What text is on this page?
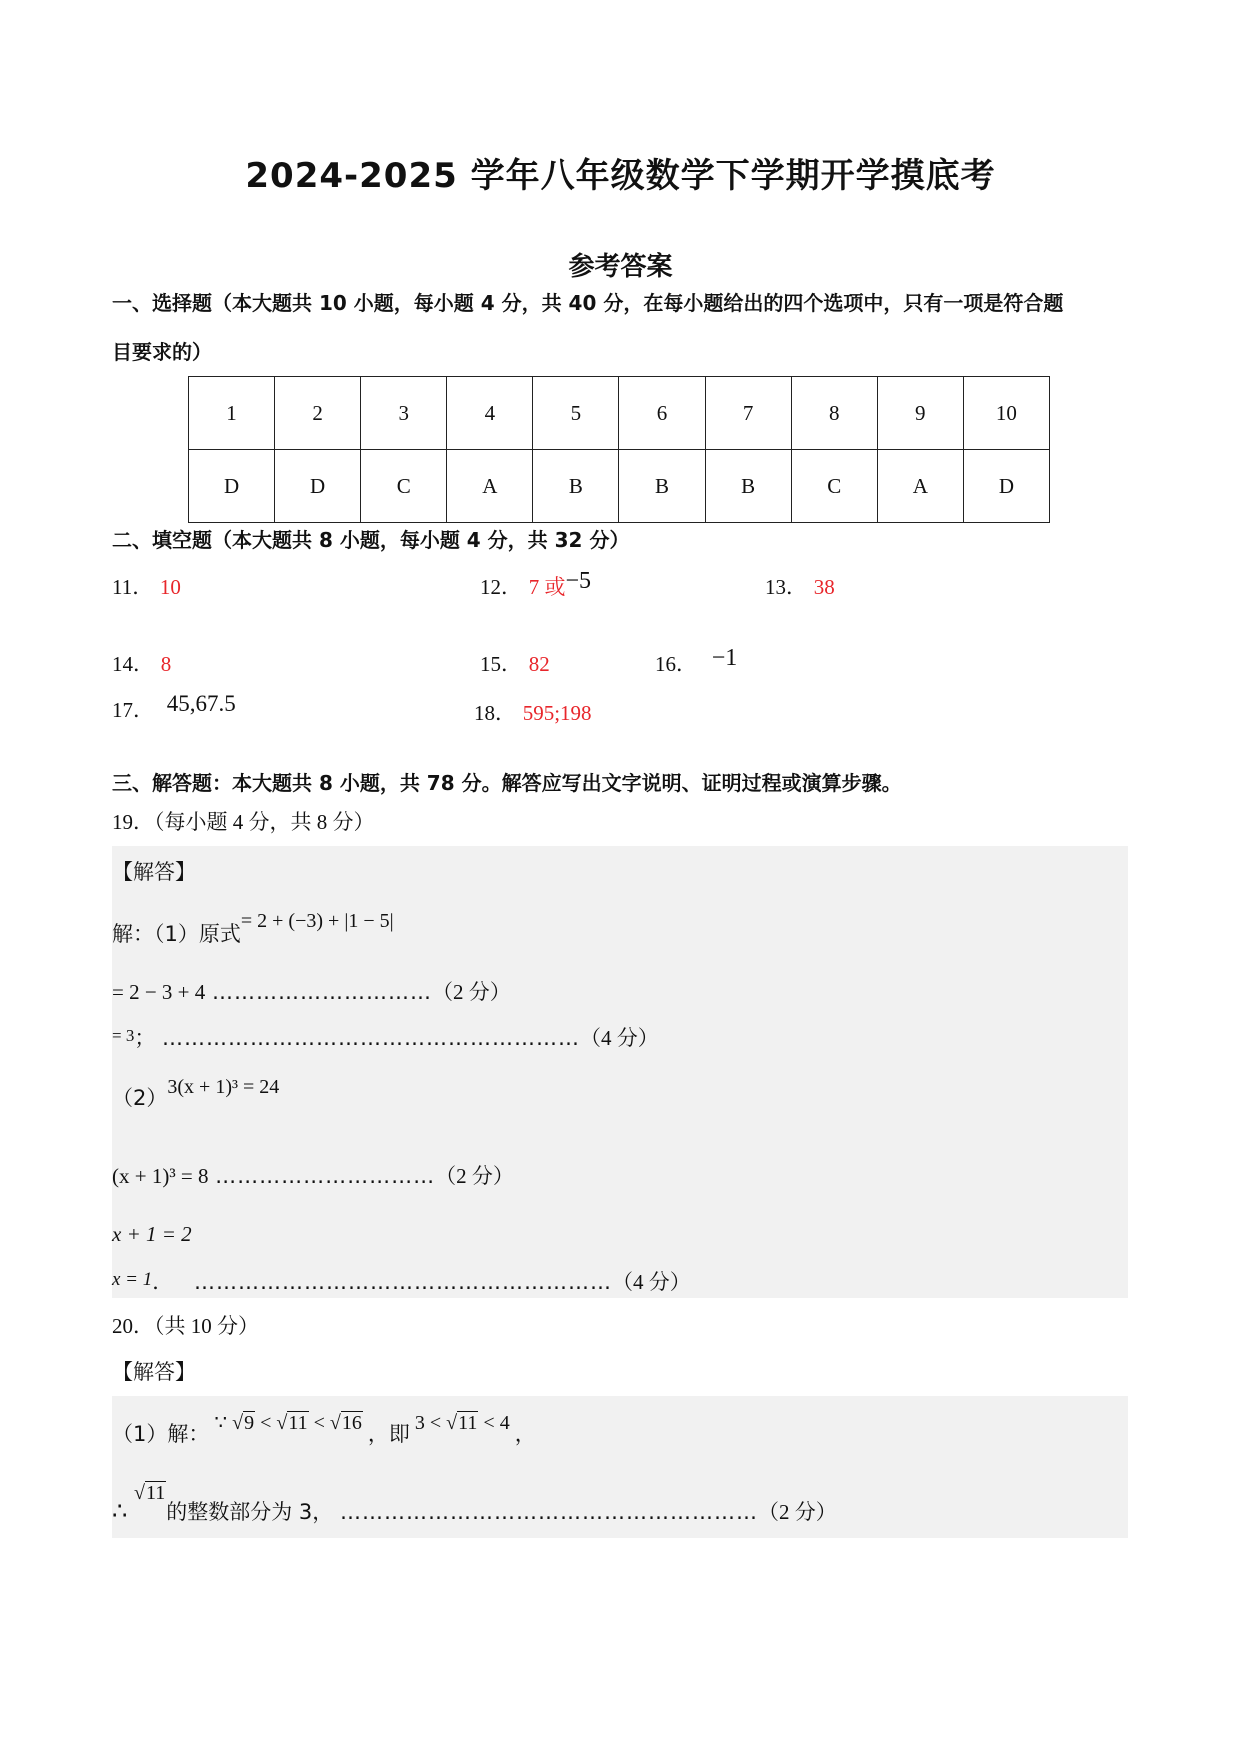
2024-2025 学年八年级数学下学期开学摸底考
参考答案
一、选择题（本大题共 10 小题，每小题 4 分，共 40 分，在每小题给出的四个选项中，只有一项是符合题
目要求的）
1	2	3	4	5	6	7	8	9	10
D	D	C	A	B	B	B	C	A	D
二、填空题（本大题共 8 小题，每小题 4 分，共 32 分）
11． 10	12． 7 或−5	13． 38
14． 8	15． 82	16． −1
17． 45,67.5	18． 595;198
三、解答题：本大题共 8 小题，共 78 分。解答应写出文字说明、证明过程或演算步骤。
19．（每小题 4 分，共 8 分）
【解答】
解：（1）原式= 2 + (−3) + |1 − 5|
= 2 − 3 + 4 …………………………（2 分）
= 3； …………………………………………………（4 分）
（2）3(x + 1)³ = 24
(x + 1)³ = 8 …………………………（2 分）
x + 1 = 2
x = 1． …………………………………………………（4 分）
20．（共 10 分）
【解答】
（1）解： ∵ √9 < √11 < √16 ，即 3 < √11 < 4 ，
∴ √11的整数部分为 3， …………………………………………………（2 分）
